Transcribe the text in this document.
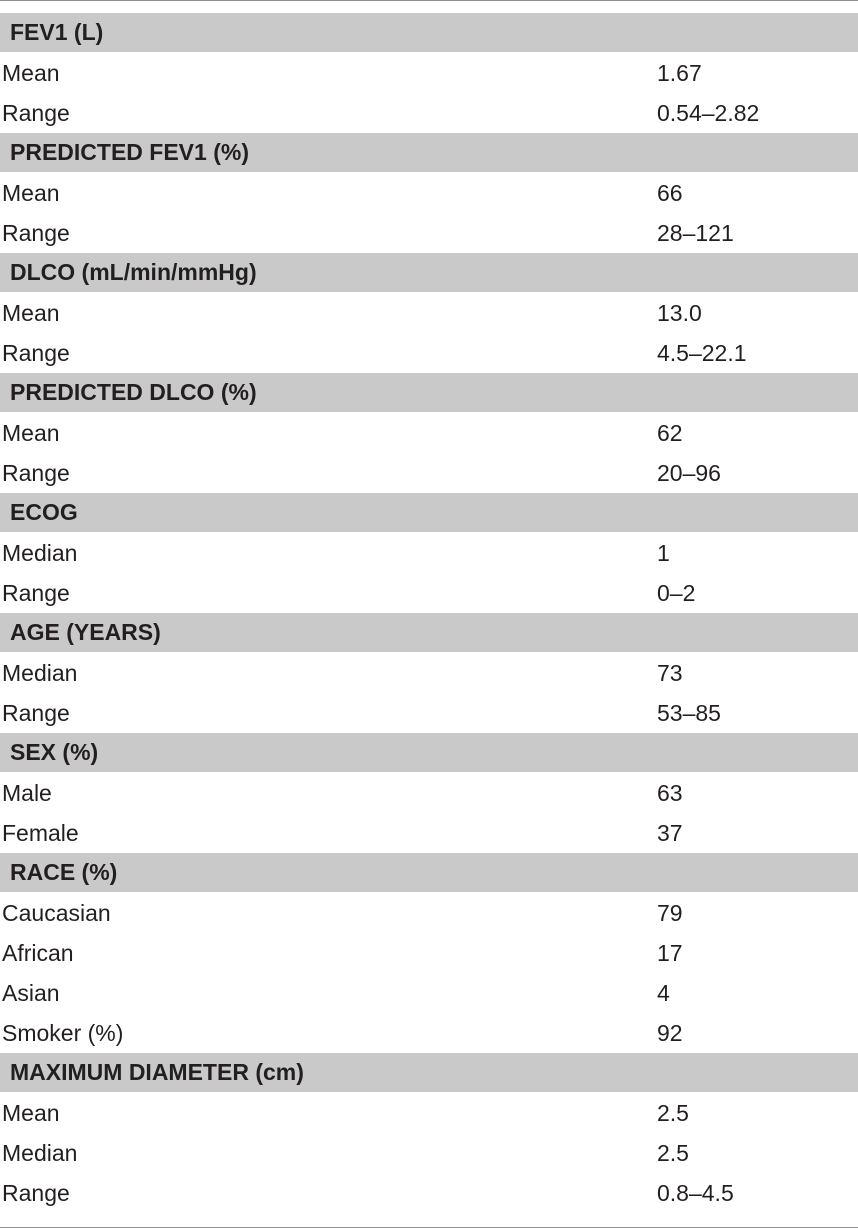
FEV1 (L)
Mean	1.67
Range	0.54–2.82
PREDICTED FEV1 (%)
Mean	66
Range	28–121
DLCO (mL/min/mmHg)
Mean	13.0
Range	4.5–22.1
PREDICTED DLCO (%)
Mean	62
Range	20–96
ECOG
Median	1
Range	0–2
AGE (YEARS)
Median	73
Range	53–85
SEX (%)
Male	63
Female	37
RACE (%)
Caucasian	79
African	17
Asian	4
Smoker (%)	92
MAXIMUM DIAMETER (cm)
Mean	2.5
Median	2.5
Range	0.8–4.5
